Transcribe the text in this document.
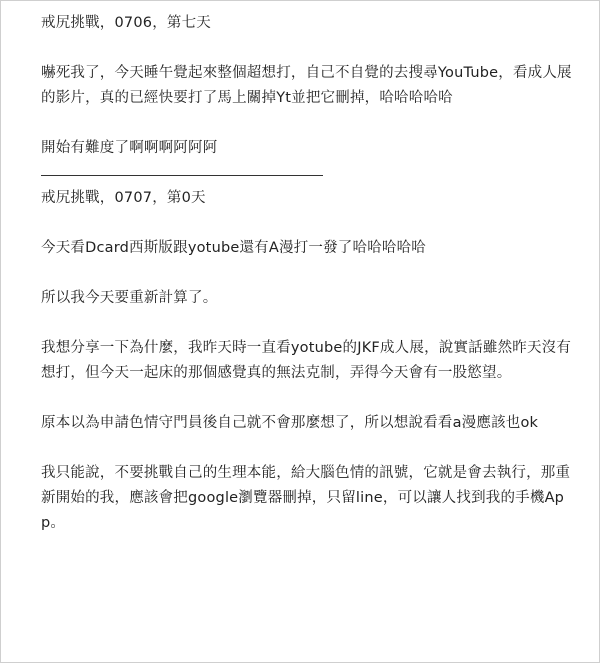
戒尻挑戰，0706，第七天

嚇死我了，今天睡午覺起來整個超想打，自己不自覺的去搜尋YouTube，看成人展的影片，真的已經快要打了馬上關掉Yt並把它刪掉，哈哈哈哈哈

開始有難度了啊啊啊阿阿阿

戒尻挑戰，0707，第0天

今天看Dcard西斯版跟yotube還有A漫打一發了哈哈哈哈哈

所以我今天要重新計算了。

我想分享一下為什麼，我昨天時一直看yotube的JKF成人展，說實話雖然昨天沒有想打，但今天一起床的那個感覺真的無法克制，弄得今天會有一股慾望。

原本以為申請色情守門員後自己就不會那麼想了，所以想說看看a漫應該也ok

我只能說，不要挑戰自己的生理本能，給大腦色情的訊號，它就是會去執行，那重新開始的我，應該會把google瀏覽器刪掉，只留line，可以讓人找到我的手機App。
